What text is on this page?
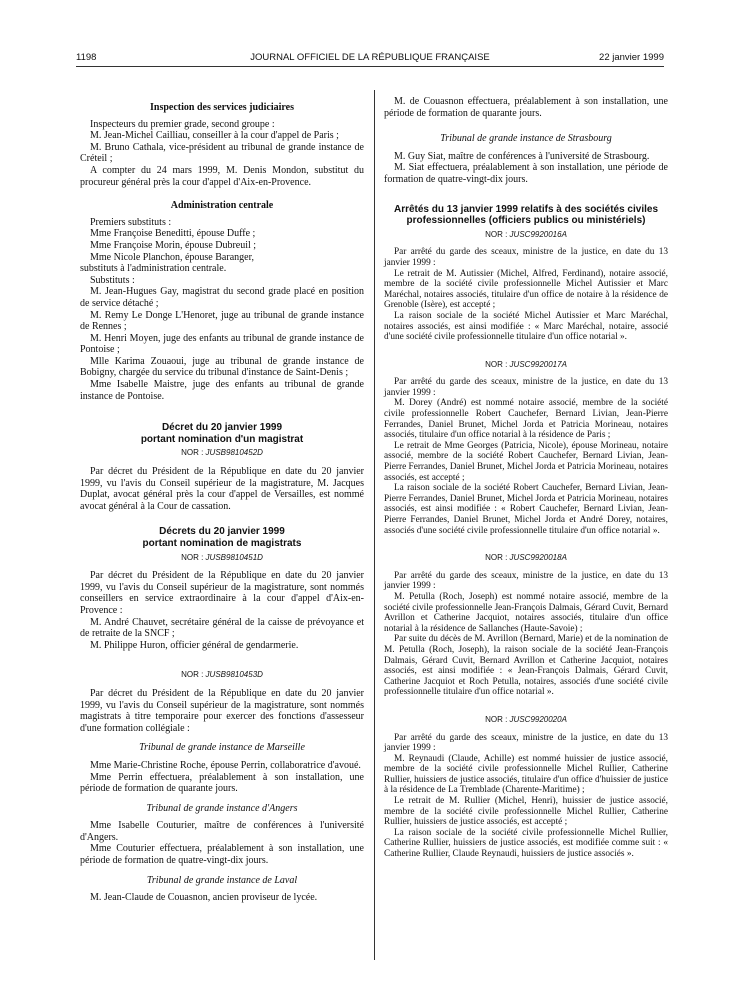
1198	JOURNAL OFFICIEL DE LA RÉPUBLIQUE FRANÇAISE	22 janvier 1999
Inspection des services judiciaires

Inspecteurs du premier grade, second groupe :

M. Jean-Michel Cailliau, conseiller à la cour d'appel de Paris ;

M. Bruno Cathala, vice-président au tribunal de grande instance de Créteil ;

A compter du 24 mars 1999, M. Denis Mondon, substitut du procureur général près la cour d'appel d'Aix-en-Provence.

Administration centrale

Premiers substituts :

Mme Françoise Beneditti, épouse Duffe ;

Mme Françoise Morin, épouse Dubreuil ;

Mme Nicole Planchon, épouse Baranger,

substituts à l'administration centrale.

Substituts :

M. Jean-Hugues Gay, magistrat du second grade placé en position de service détaché ;

M. Remy Le Donge L'Henoret, juge au tribunal de grande instance de Rennes ;

M. Henri Moyen, juge des enfants au tribunal de grande instance de Pontoise ;

Mlle Karima Zouaoui, juge au tribunal de grande instance de Bobigny, chargée du service du tribunal d'instance de Saint-Denis ;

Mme Isabelle Maistre, juge des enfants au tribunal de grande instance de Pontoise.

Décret du 20 janvier 1999
portant nomination d'un magistrat
NOR : JUSB9810452D

Par décret du Président de la République en date du 20 janvier 1999, vu l'avis du Conseil supérieur de la magistrature, M. Jacques Duplat, avocat général près la cour d'appel de Versailles, est nommé avocat général à la Cour de cassation.

Décrets du 20 janvier 1999
portant nomination de magistrats
NOR : JUSB9810451D

Par décret du Président de la République en date du 20 janvier 1999, vu l'avis du Conseil supérieur de la magistrature, sont nommés conseillers en service extraordinaire à la cour d'appel d'Aix-en-Provence :

M. André Chauvet, secrétaire général de la caisse de prévoyance et de retraite de la SNCF ;

M. Philippe Huron, officier général de gendarmerie.

NOR : JUSB9810453D

Par décret du Président de la République en date du 20 janvier 1999, vu l'avis du Conseil supérieur de la magistrature, sont nommés magistrats à titre temporaire pour exercer des fonctions d'assesseur d'une formation collégiale :

Tribunal de grande instance de Marseille

Mme Marie-Christine Roche, épouse Perrin, collaboratrice d'avoué.

Mme Perrin effectuera, préalablement à son installation, une période de formation de quarante jours.

Tribunal de grande instance d'Angers

Mme Isabelle Couturier, maître de conférences à l'université d'Angers.

Mme Couturier effectuera, préalablement à son installation, une période de formation de quatre-vingt-dix jours.

Tribunal de grande instance de Laval

M. Jean-Claude de Couasnon, ancien proviseur de lycée.

M. de Couasnon effectuera, préalablement à son installation, une période de formation de quarante jours.

Tribunal de grande instance de Strasbourg

M. Guy Siat, maître de conférences à l'université de Strasbourg.

M. Siat effectuera, préalablement à son installation, une période de formation de quatre-vingt-dix jours.

Arrêtés du 13 janvier 1999 relatifs à des sociétés civiles
professionnelles (officiers publics ou ministériels)
NOR : JUSC9920016A

Par arrêté du garde des sceaux, ministre de la justice, en date du 13 janvier 1999 :

Le retrait de M. Autissier (Michel, Alfred, Ferdinand), notaire associé, membre de la société civile professionnelle Michel Autissier et Marc Maréchal, notaires associés, titulaire d'un office de notaire à la résidence de Grenoble (Isère), est accepté ;

La raison sociale de la société Michel Autissier et Marc Maréchal, notaires associés, est ainsi modifiée : « Marc Maréchal, notaire, associé d'une société civile professionnelle titulaire d'un office notarial ».

NOR : JUSC9920017A

Par arrêté du garde des sceaux, ministre de la justice, en date du 13 janvier 1999 :

M. Dorey (André) est nommé notaire associé, membre de la société civile professionnelle Robert Cauchefer, Bernard Livian, Jean-Pierre Ferrandes, Daniel Brunet, Michel Jorda et Patricia Morineau, notaires associés, titulaire d'un office notarial à la résidence de Paris ;

Le retrait de Mme Georges (Patricia, Nicole), épouse Morineau, notaire associé, membre de la société Robert Cauchefer, Bernard Livian, Jean-Pierre Ferrandes, Daniel Brunet, Michel Jorda et Patricia Morineau, notaires associés, est accepté ;

La raison sociale de la société Robert Cauchefer, Bernard Livian, Jean-Pierre Ferrandes, Daniel Brunet, Michel Jorda et Patricia Morineau, notaires associés, est ainsi modifiée : « Robert Cauchefer, Bernard Livian, Jean-Pierre Ferrandes, Daniel Brunet, Michel Jorda et André Dorey, notaires, associés d'une société civile professionnelle titulaire d'un office notarial ».

NOR : JUSC9920018A

Par arrêté du garde des sceaux, ministre de la justice, en date du 13 janvier 1999 :

M. Petulla (Roch, Joseph) est nommé notaire associé, membre de la société civile professionnelle Jean-François Dalmais, Gérard Cuvit, Bernard Avrillon et Catherine Jacquiot, notaires associés, titulaire d'un office notarial à la résidence de Sallanches (Haute-Savoie) ;

Par suite du décès de M. Avrillon (Bernard, Marie) et de la nomination de M. Petulla (Roch, Joseph), la raison sociale de la société Jean-François Dalmais, Gérard Cuvit, Bernard Avrillon et Catherine Jacquiot, notaires associés, est ainsi modifiée : « Jean-François Dalmais, Gérard Cuvit, Catherine Jacquiot et Roch Petulla, notaires, associés d'une société civile professionnelle titulaire d'un office notarial ».

NOR : JUSC9920020A

Par arrêté du garde des sceaux, ministre de la justice, en date du 13 janvier 1999 :

M. Reynaudi (Claude, Achille) est nommé huissier de justice associé, membre de la société civile professionnelle Michel Rullier, Catherine Rullier, huissiers de justice associés, titulaire d'un office d'huissier de justice à la résidence de La Tremblade (Charente-Maritime) ;

Le retrait de M. Rullier (Michel, Henri), huissier de justice associé, membre de la société civile professionnelle Michel Rullier, Catherine Rullier, huissiers de justice associés, est accepté ;

La raison sociale de la société civile professionnelle Michel Rullier, Catherine Rullier, huissiers de justice associés, est modifiée comme suit : « Catherine Rullier, Claude Reynaudi, huissiers de justice associés ».
